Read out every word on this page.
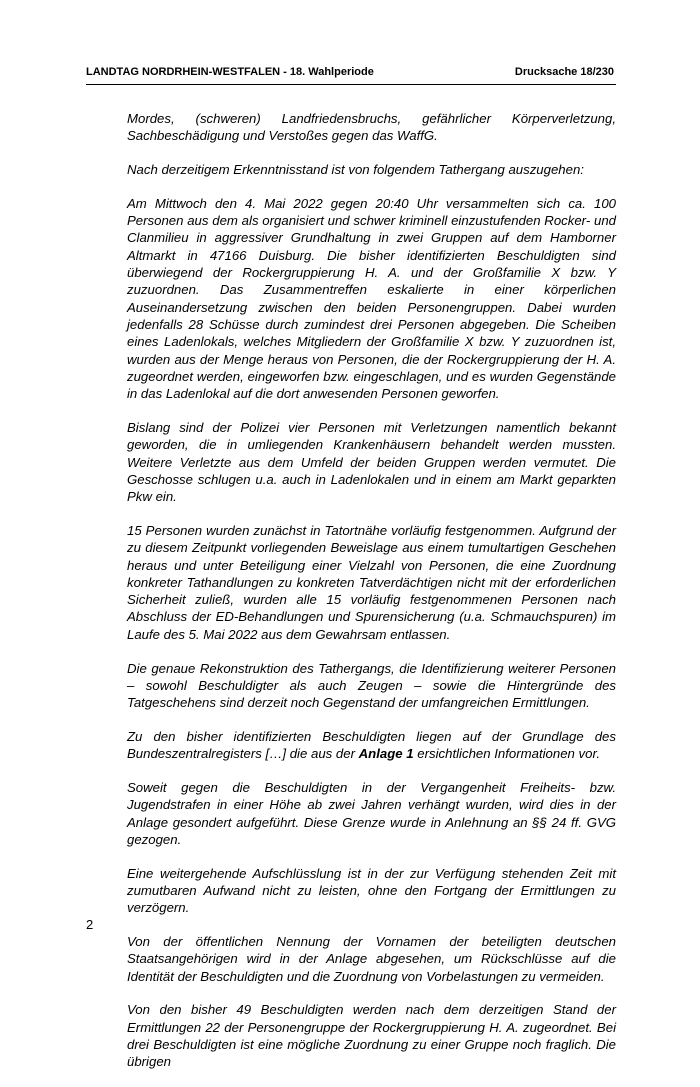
LANDTAG NORDRHEIN-WESTFALEN - 18. Wahlperiode	Drucksache 18/230

Mordes, (schweren) Landfriedensbruchs, gefährlicher Körperverletzung, Sachbeschädigung und Verstoßes gegen das WaffG.

Nach derzeitigem Erkenntnisstand ist von folgendem Tathergang auszugehen:

Am Mittwoch den 4. Mai 2022 gegen 20:40 Uhr versammelten sich ca. 100 Personen aus dem als organisiert und schwer kriminell einzustufenden Rocker- und Clanmilieu in aggressiver Grundhaltung in zwei Gruppen auf dem Hamborner Altmarkt in 47166 Duisburg. Die bisher identifizierten Beschuldigten sind überwiegend der Rockergruppierung H. A. und der Großfamilie X bzw. Y zuzuordnen. Das Zusammentreffen eskalierte in einer körperlichen Auseinandersetzung zwischen den beiden Personengruppen. Dabei wurden jedenfalls 28 Schüsse durch zumindest drei Personen abgegeben. Die Scheiben eines Ladenlokals, welches Mitgliedern der Großfamilie X bzw. Y zuzuordnen ist, wurden aus der Menge heraus von Personen, die der Rockergruppierung der H. A. zugeordnet werden, eingeworfen bzw. eingeschlagen, und es wurden Gegenstände in das Ladenlokal auf die dort anwesenden Personen geworfen.

Bislang sind der Polizei vier Personen mit Verletzungen namentlich bekannt geworden, die in umliegenden Krankenhäusern behandelt werden mussten. Weitere Verletzte aus dem Umfeld der beiden Gruppen werden vermutet. Die Geschosse schlugen u.a. auch in Ladenlokalen und in einem am Markt geparkten Pkw ein.

15 Personen wurden zunächst in Tatortnähe vorläufig festgenommen. Aufgrund der zu diesem Zeitpunkt vorliegenden Beweislage aus einem tumultartigen Geschehen heraus und unter Beteiligung einer Vielzahl von Personen, die eine Zuordnung konkreter Tathandlungen zu konkreten Tatverdächtigen nicht mit der erforderlichen Sicherheit zuließ, wurden alle 15 vorläufig festgenommenen Personen nach Abschluss der ED-Behandlungen und Spurensicherung (u.a. Schmauchspuren) im Laufe des 5. Mai 2022 aus dem Gewahrsam entlassen.

Die genaue Rekonstruktion des Tathergangs, die Identifizierung weiterer Personen – sowohl Beschuldigter als auch Zeugen – sowie die Hintergründe des Tatgeschehens sind derzeit noch Gegenstand der umfangreichen Ermittlungen.

Zu den bisher identifizierten Beschuldigten liegen auf der Grundlage des Bundeszentralregisters […] die aus der Anlage 1 ersichtlichen Informationen vor.

Soweit gegen die Beschuldigten in der Vergangenheit Freiheits- bzw. Jugendstrafen in einer Höhe ab zwei Jahren verhängt wurden, wird dies in der Anlage gesondert aufgeführt. Diese Grenze wurde in Anlehnung an §§ 24 ff. GVG gezogen.

Eine weitergehende Aufschlüsslung ist in der zur Verfügung stehenden Zeit mit zumutbaren Aufwand nicht zu leisten, ohne den Fortgang der Ermittlungen zu verzögern.

Von der öffentlichen Nennung der Vornamen der beteiligten deutschen Staatsangehörigen wird in der Anlage abgesehen, um Rückschlüsse auf die Identität der Beschuldigten und die Zuordnung von Vorbelastungen zu vermeiden.

Von den bisher 49 Beschuldigten werden nach dem derzeitigen Stand der Ermittlungen 22 der Personengruppe der Rockergruppierung H. A. zugeordnet. Bei drei Beschuldigten ist eine mögliche Zuordnung zu einer Gruppe noch fraglich. Die übrigen

2
